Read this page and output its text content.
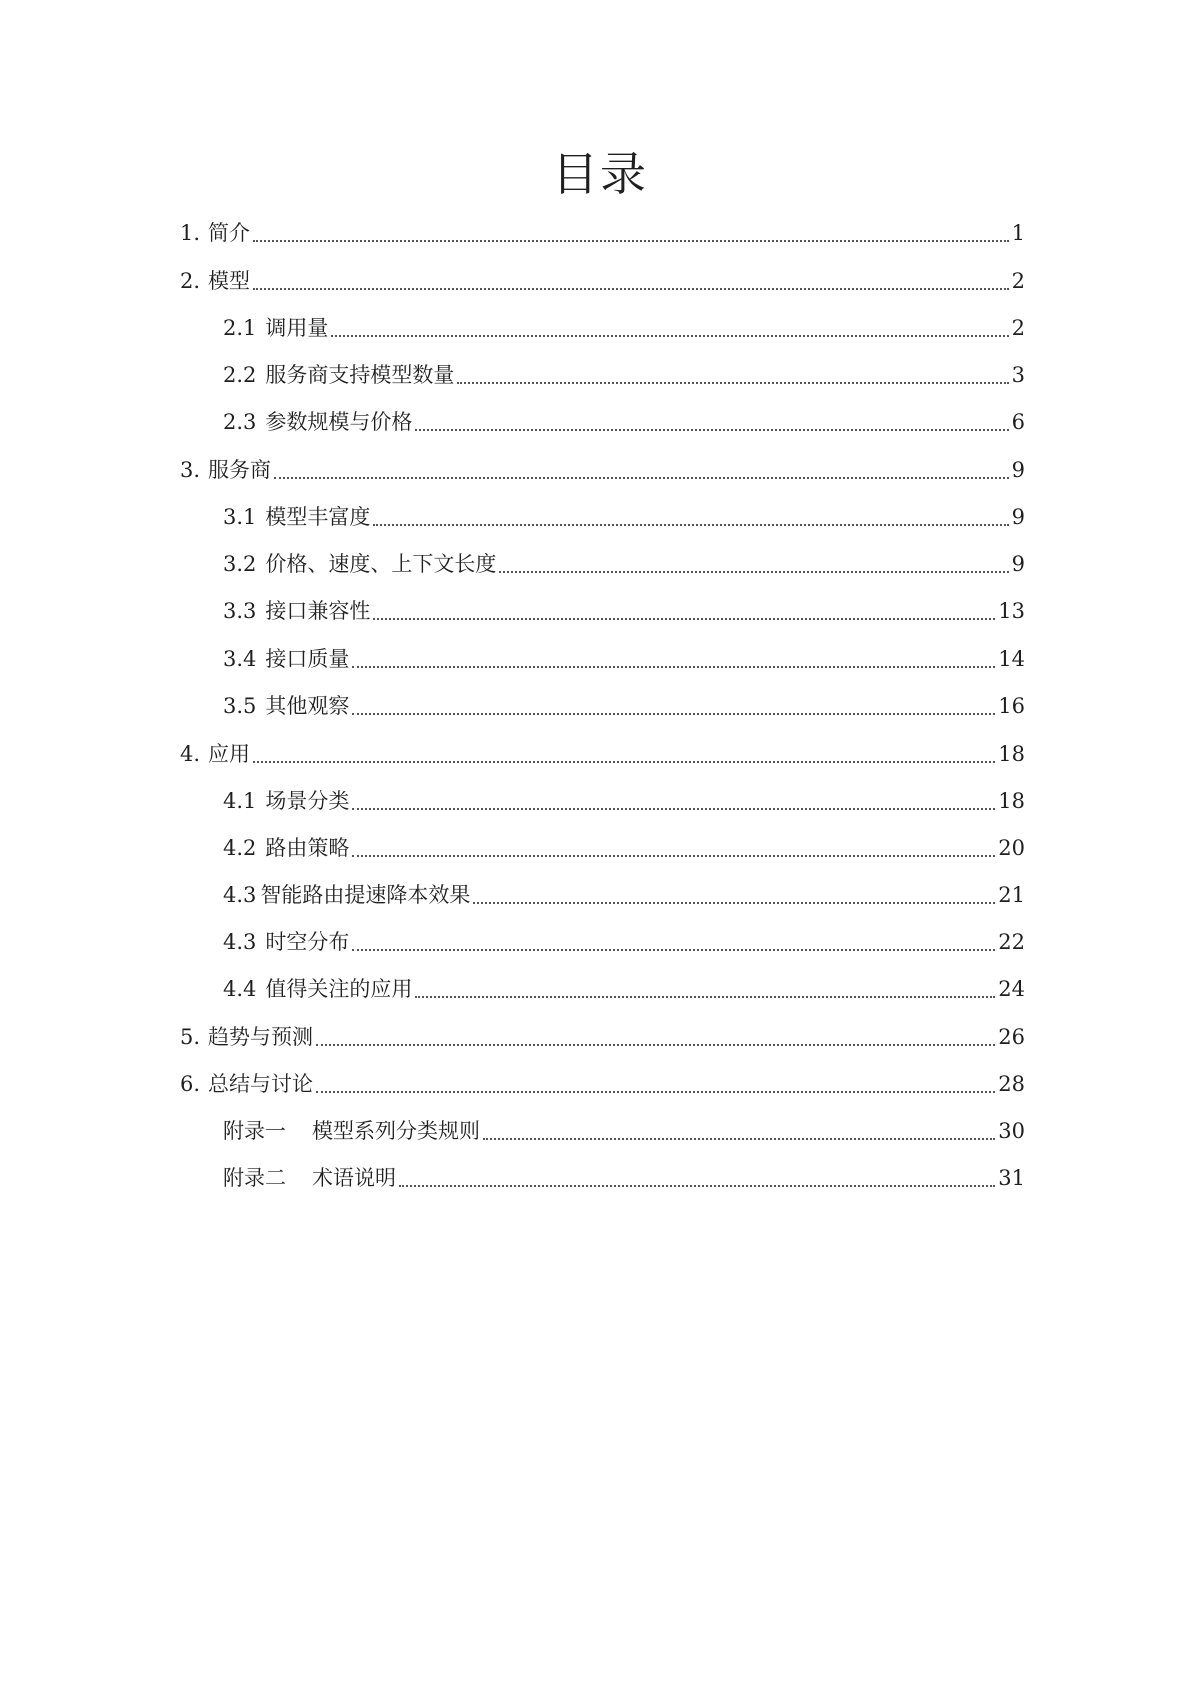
目录
1. 简介	1
2. 模型	2
2.1 调用量	2
2.2 服务商支持模型数量	3
2.3 参数规模与价格	6
3. 服务商	9
3.1 模型丰富度	9
3.2 价格、速度、上下文长度	9
3.3 接口兼容性	13
3.4 接口质量	14
3.5 其他观察	16
4. 应用	18
4.1 场景分类	18
4.2 路由策略	20
4.3 智能路由提速降本效果	21
4.3 时空分布	22
4.4 值得关注的应用	24
5. 趋势与预测	26
6. 总结与讨论	28
附录一 模型系列分类规则	30
附录二 术语说明	31
